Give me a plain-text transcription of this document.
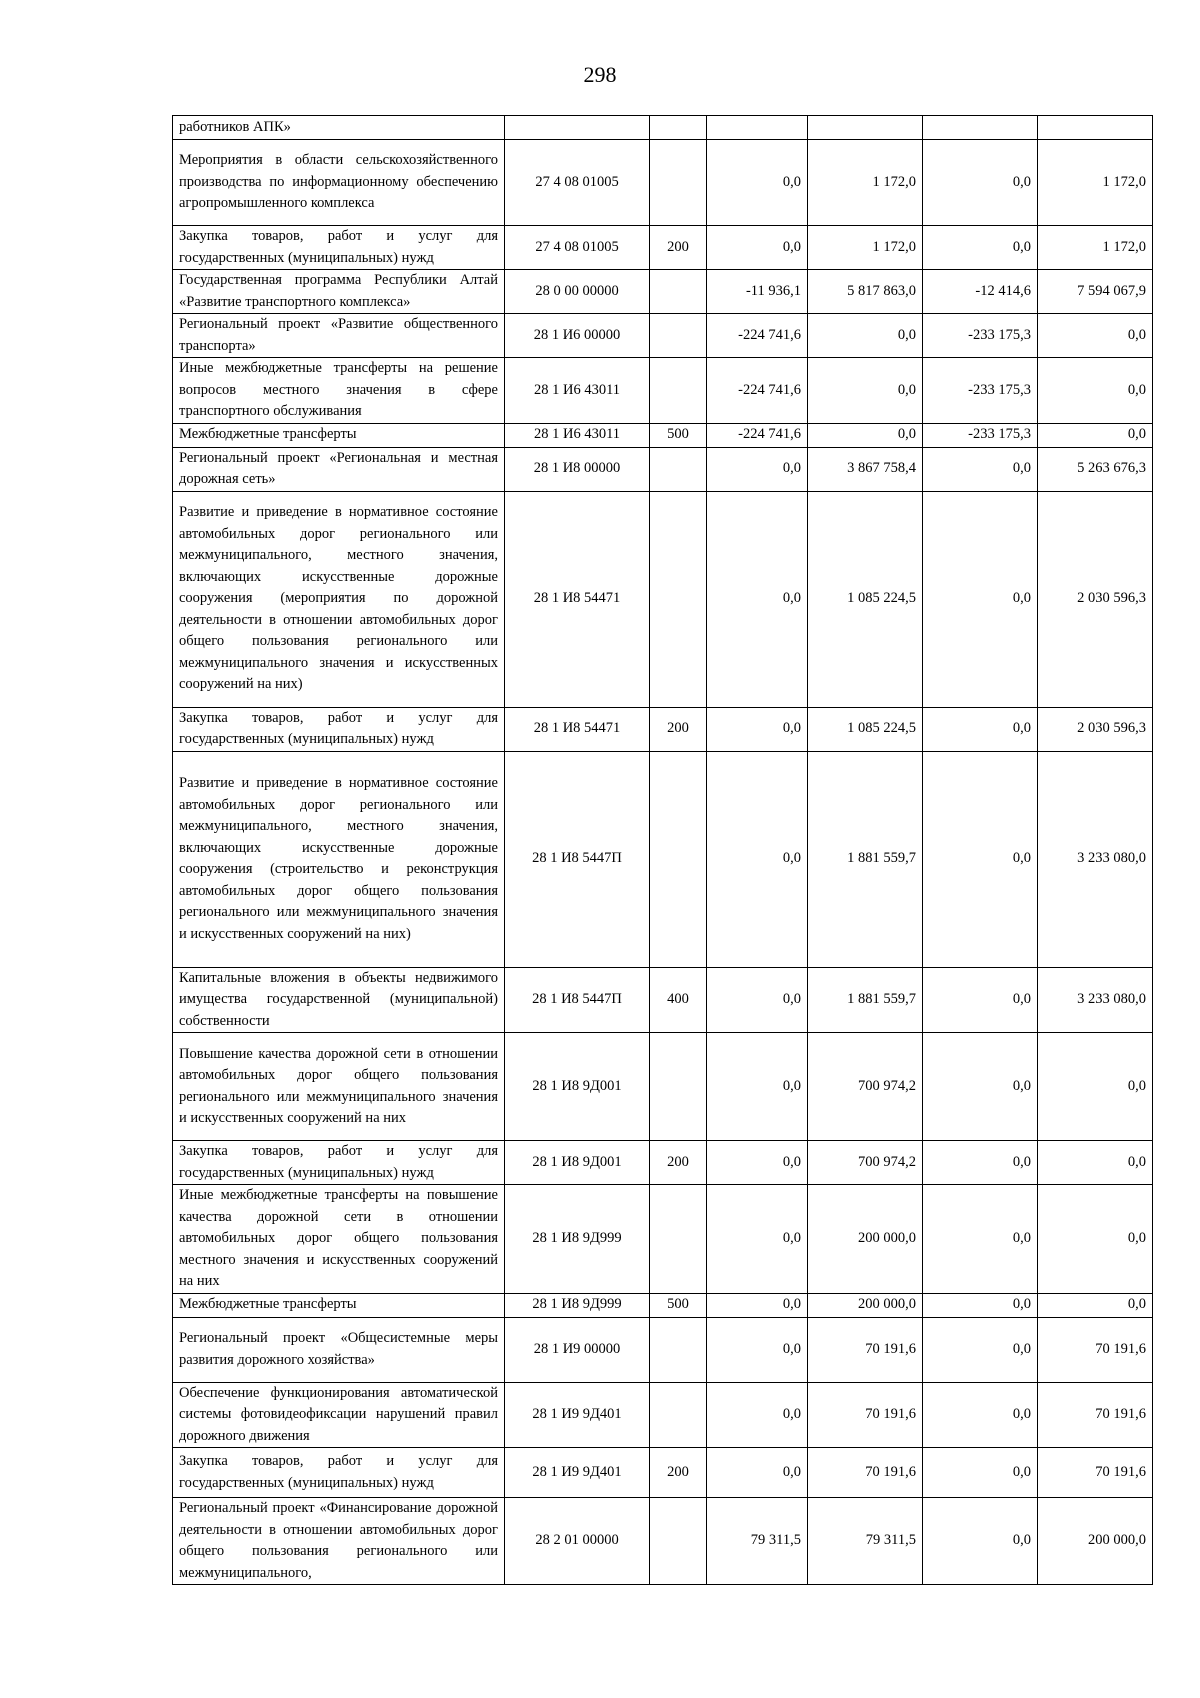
298
работников АПК»						
Мероприятия в области сельскохозяйственного производства по информационному обеспечению агропромышленного комплекса	27 4 08 01005		0,0	1 172,0	0,0	1 172,0
Закупка товаров, работ и услуг для государственных (муниципальных) нужд	27 4 08 01005	200	0,0	1 172,0	0,0	1 172,0
Государственная программа Республики Алтай «Развитие транспортного комплекса»	28 0 00 00000		-11 936,1	5 817 863,0	-12 414,6	7 594 067,9
Региональный проект «Развитие общественного транспорта»	28 1 И6 00000		-224 741,6	0,0	-233 175,3	0,0
Иные межбюджетные трансферты на решение вопросов местного значения в сфере транспортного обслуживания	28 1 И6 43011		-224 741,6	0,0	-233 175,3	0,0
Межбюджетные трансферты	28 1 И6 43011	500	-224 741,6	0,0	-233 175,3	0,0
Региональный проект «Региональная и местная дорожная сеть»	28 1 И8 00000		0,0	3 867 758,4	0,0	5 263 676,3
Развитие и приведение в нормативное состояние автомобильных дорог регионального или межмуниципального, местного значения, включающих искусственные дорожные сооружения (мероприятия по дорожной деятельности в отношении автомобильных дорог общего пользования регионального или межмуниципального значения и искусственных сооружений на них)	28 1 И8 54471		0,0	1 085 224,5	0,0	2 030 596,3
Закупка товаров, работ и услуг для государственных (муниципальных) нужд	28 1 И8 54471	200	0,0	1 085 224,5	0,0	2 030 596,3
Развитие и приведение в нормативное состояние автомобильных дорог регионального или межмуниципального, местного значения, включающих искусственные дорожные сооружения (строительство и реконструкция автомобильных дорог общего пользования регионального или межмуниципального значения и искусственных сооружений на них)	28 1 И8 5447П		0,0	1 881 559,7	0,0	3 233 080,0
Капитальные вложения в объекты недвижимого имущества государственной (муниципальной) собственности	28 1 И8 5447П	400	0,0	1 881 559,7	0,0	3 233 080,0
Повышение качества дорожной сети в отношении автомобильных дорог общего пользования регионального или межмуниципального значения и искусственных сооружений на них	28 1 И8 9Д001		0,0	700 974,2	0,0	0,0
Закупка товаров, работ и услуг для государственных (муниципальных) нужд	28 1 И8 9Д001	200	0,0	700 974,2	0,0	0,0
Иные межбюджетные трансферты на повышение качества дорожной сети в отношении автомобильных дорог общего пользования местного значения и искусственных сооружений на них	28 1 И8 9Д999		0,0	200 000,0	0,0	0,0
Межбюджетные трансферты	28 1 И8 9Д999	500	0,0	200 000,0	0,0	0,0
Региональный проект «Общесистемные меры развития дорожного хозяйства»	28 1 И9 00000		0,0	70 191,6	0,0	70 191,6
Обеспечение функционирования автоматической системы фотовидеофиксации нарушений правил дорожного движения	28 1 И9 9Д401		0,0	70 191,6	0,0	70 191,6
Закупка товаров, работ и услуг для государственных (муниципальных) нужд	28 1 И9 9Д401	200	0,0	70 191,6	0,0	70 191,6
Региональный проект «Финансирование дорожной деятельности в отношении автомобильных дорог общего пользования регионального или межмуниципального,	28 2 01 00000		79 311,5	79 311,5	0,0	200 000,0
